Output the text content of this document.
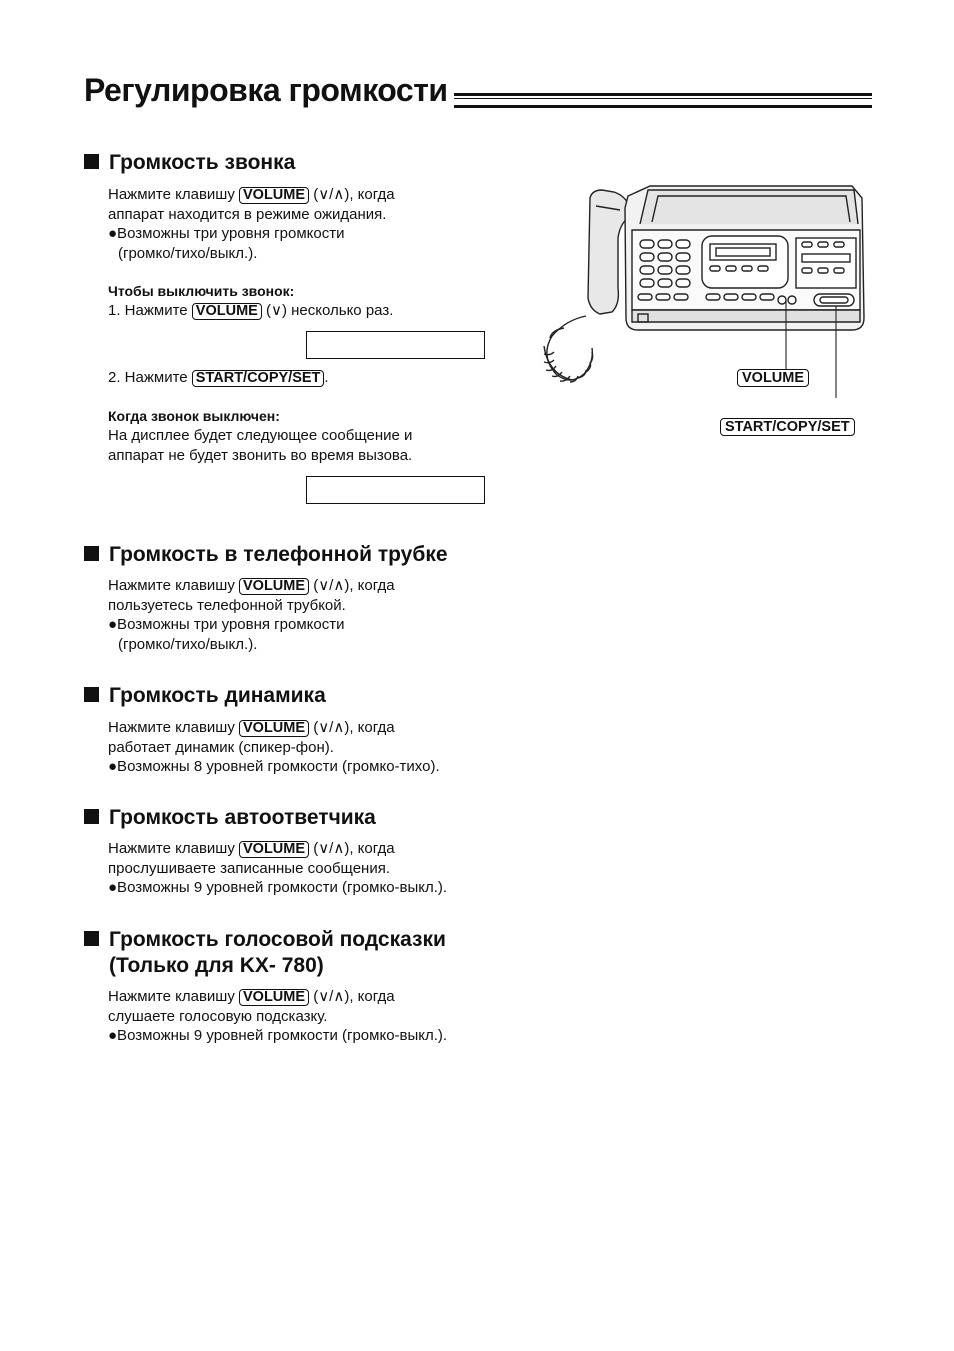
Регулировка громкости
Громкость звонка
Нажмите клавишу VOLUME (∨/∧), когда
аппарат находится в режиме ожидания.
●Возможны три уровня громкости
(громко/тихо/выкл.).
Чтобы выключить звонок:
1. Нажмите VOLUME (∨) несколько раз.
2. Нажмите START/COPY/SET .
Когда звонок выключен:
На дисплее будет следующее сообщение и
аппарат не будет звонить во время вызова.
Громкость в телефонной трубке
Нажмите клавишу VOLUME (∨/∧), когда
пользуетесь телефонной трубкой.
●Возможны три уровня громкости
(громко/тихо/выкл.).
Громкость динамика
Нажмите клавишу VOLUME (∨/∧), когда
работает динамик (спикер-фон).
●Возможны 8 уровней громкости (громко-тихо).
Громкость автоответчика
Нажмите клавишу VOLUME (∨/∧), когда
прослушиваете записанные сообщения.
●Возможны 9 уровней громкости (громко-выкл.).
Громкость голосовой подсказки
(Только для KX- 780)
Нажмите клавишу VOLUME (∨/∧), когда
слушаете голосовую подсказку.
●Возможны 9 уровней громкости (громко-выкл.).
VOLUME
START/COPY/SET
